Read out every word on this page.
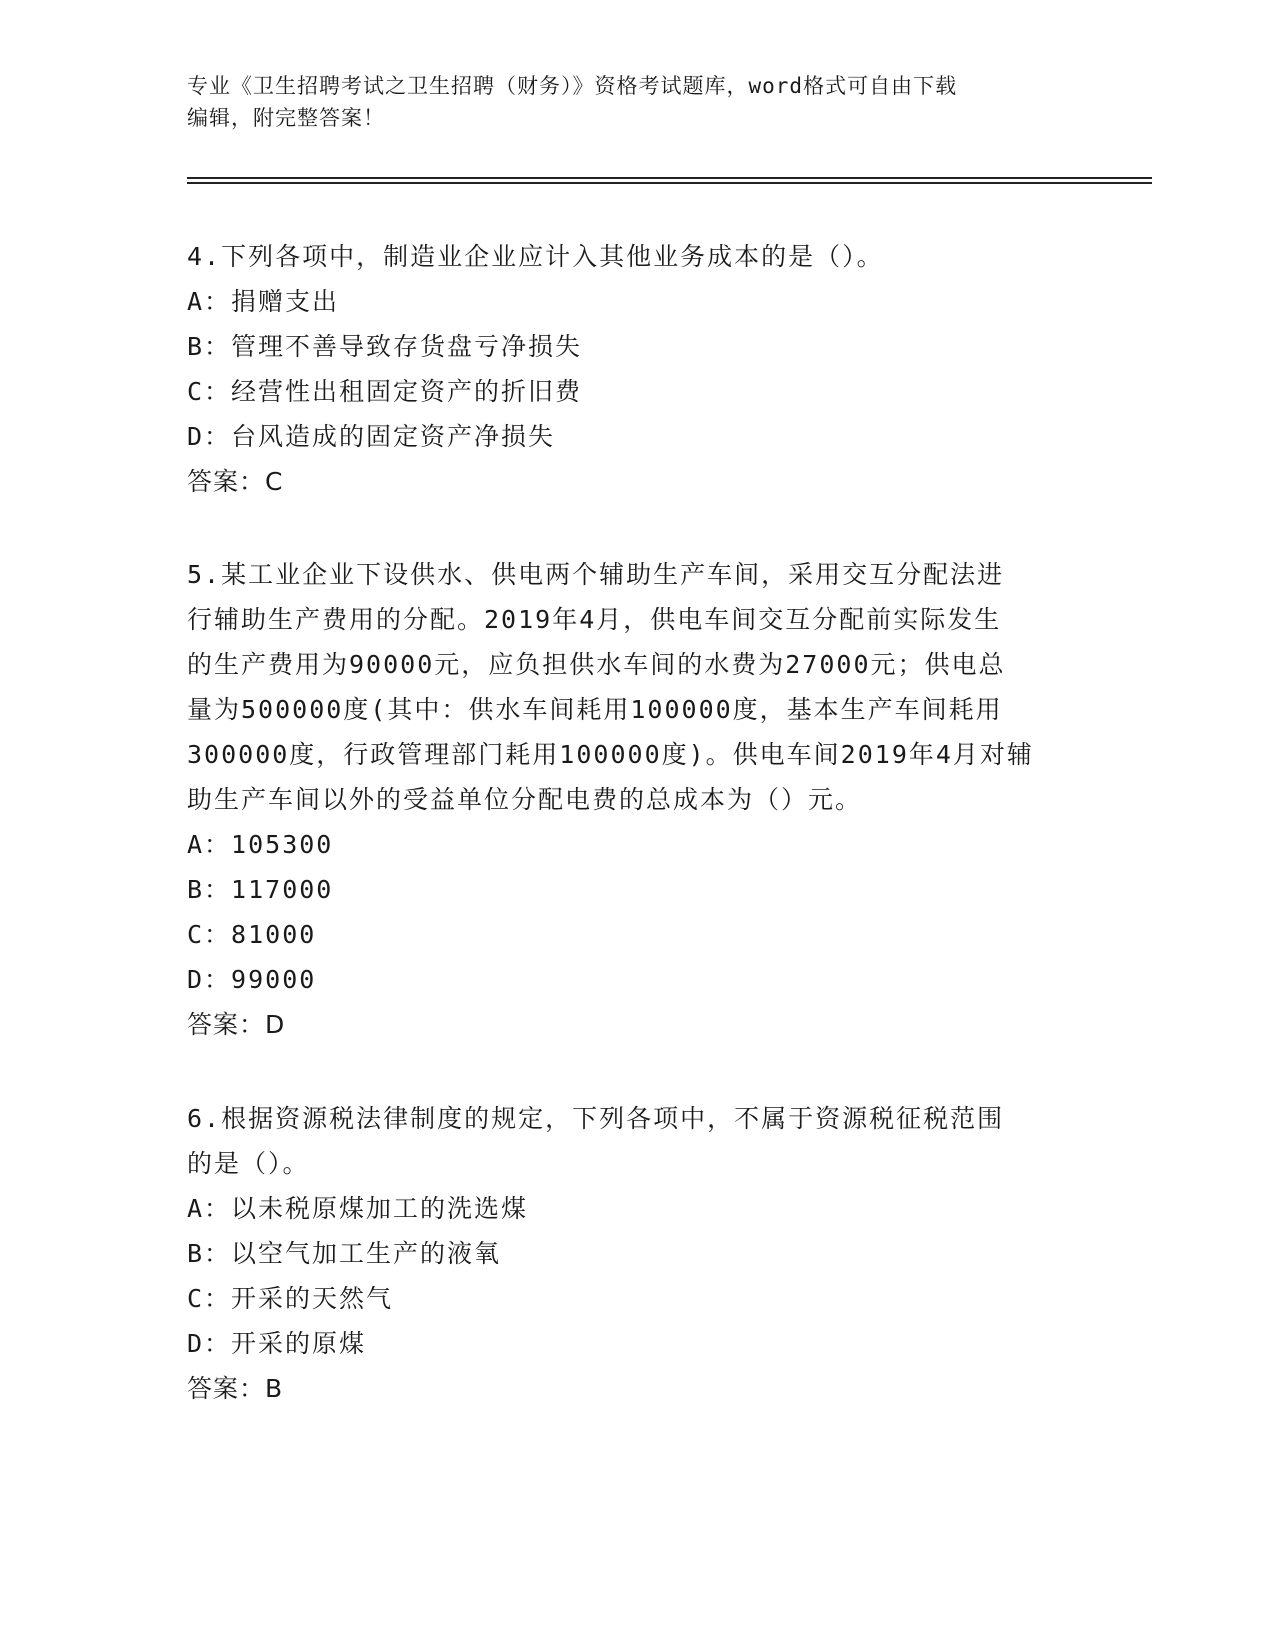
专业《卫生招聘考试之卫生招聘（财务）》资格考试题库，word格式可自由下载
编辑，附完整答案！
4.下列各项中，制造业企业应计入其他业务成本的是（）。
A：捐赠支出
B：管理不善导致存货盘亏净损失
C：经营性出租固定资产的折旧费
D：台风造成的固定资产净损失
答案：C
5.某工业企业下设供水、供电两个辅助生产车间，采用交互分配法进
行辅助生产费用的分配。2019年4月，供电车间交互分配前实际发生
的生产费用为90000元，应负担供水车间的水费为27000元；供电总
量为500000度(其中：供水车间耗用100000度，基本生产车间耗用
300000度，行政管理部门耗用100000度)。供电车间2019年4月对辅
助生产车间以外的受益单位分配电费的总成本为（）元。
A：105300
B：117000
C：81000
D：99000
答案：D
6.根据资源税法律制度的规定，下列各项中，不属于资源税征税范围
的是（）。
A：以未税原煤加工的洗选煤
B：以空气加工生产的液氧
C：开采的天然气
D：开采的原煤
答案：B
